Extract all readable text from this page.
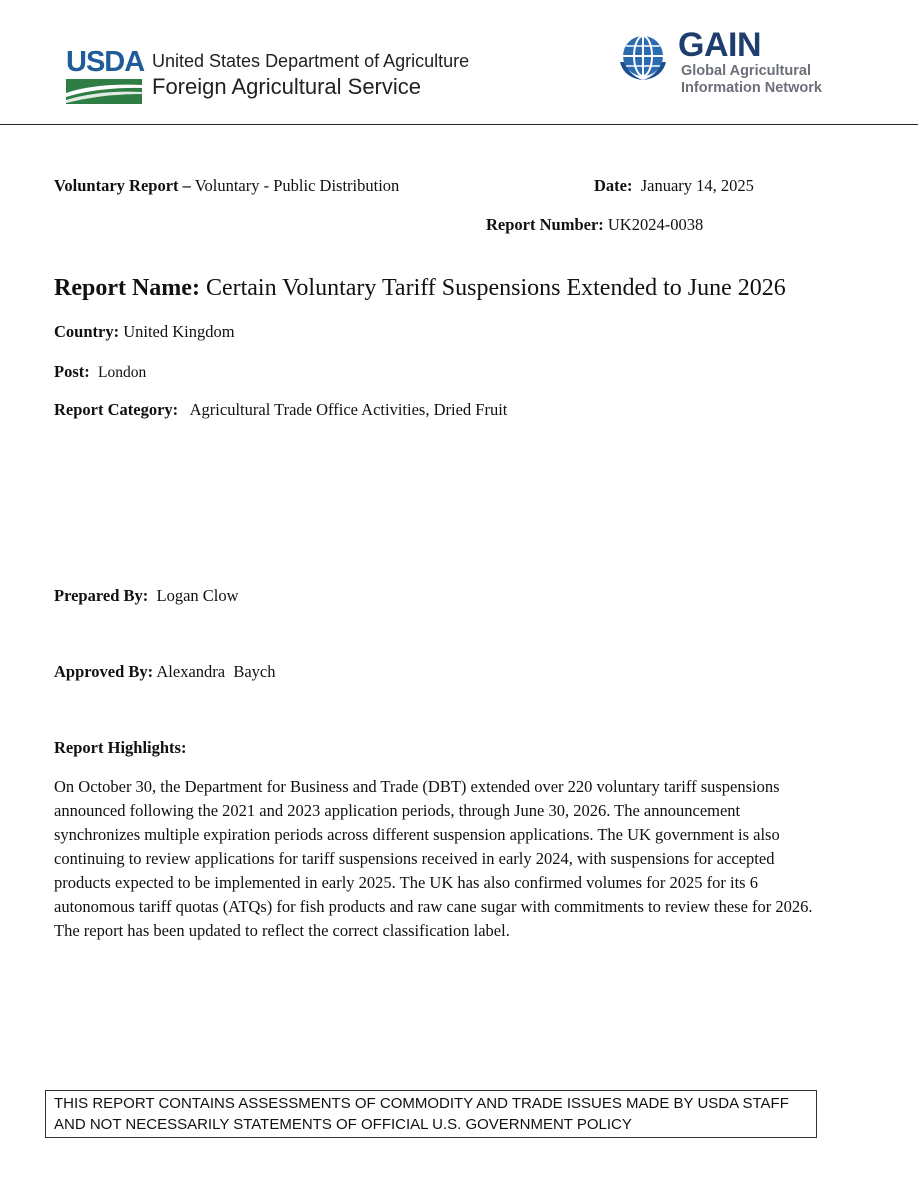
USDA United States Department of Agriculture
Foreign Agricultural Service
GAIN
Global Agricultural
Information Network
Voluntary Report – Voluntary - Public Distribution	Date: January 14, 2025
Report Number: UK2024-0038
Report Name: Certain Voluntary Tariff Suspensions Extended to June 2026
Country: United Kingdom
Post: London
Report Category: Agricultural Trade Office Activities, Dried Fruit
Prepared By: Logan Clow
Approved By: Alexandra  Baych
Report Highlights:
On October 30, the Department for Business and Trade (DBT) extended over 220 voluntary tariff suspensions announced following the 2021 and 2023 application periods, through June 30, 2026. The announcement synchronizes multiple expiration periods across different suspension applications. The UK government is also continuing to review applications for tariff suspensions received in early 2024, with suspensions for accepted products expected to be implemented in early 2025. The UK has also confirmed volumes for 2025 for its 6 autonomous tariff quotas (ATQs) for fish products and raw cane sugar with commitments to review these for 2026. The report has been updated to reflect the correct classification label.
THIS REPORT CONTAINS ASSESSMENTS OF COMMODITY AND TRADE ISSUES MADE BY USDA STAFF
AND NOT NECESSARILY STATEMENTS OF OFFICIAL U.S. GOVERNMENT POLICY
